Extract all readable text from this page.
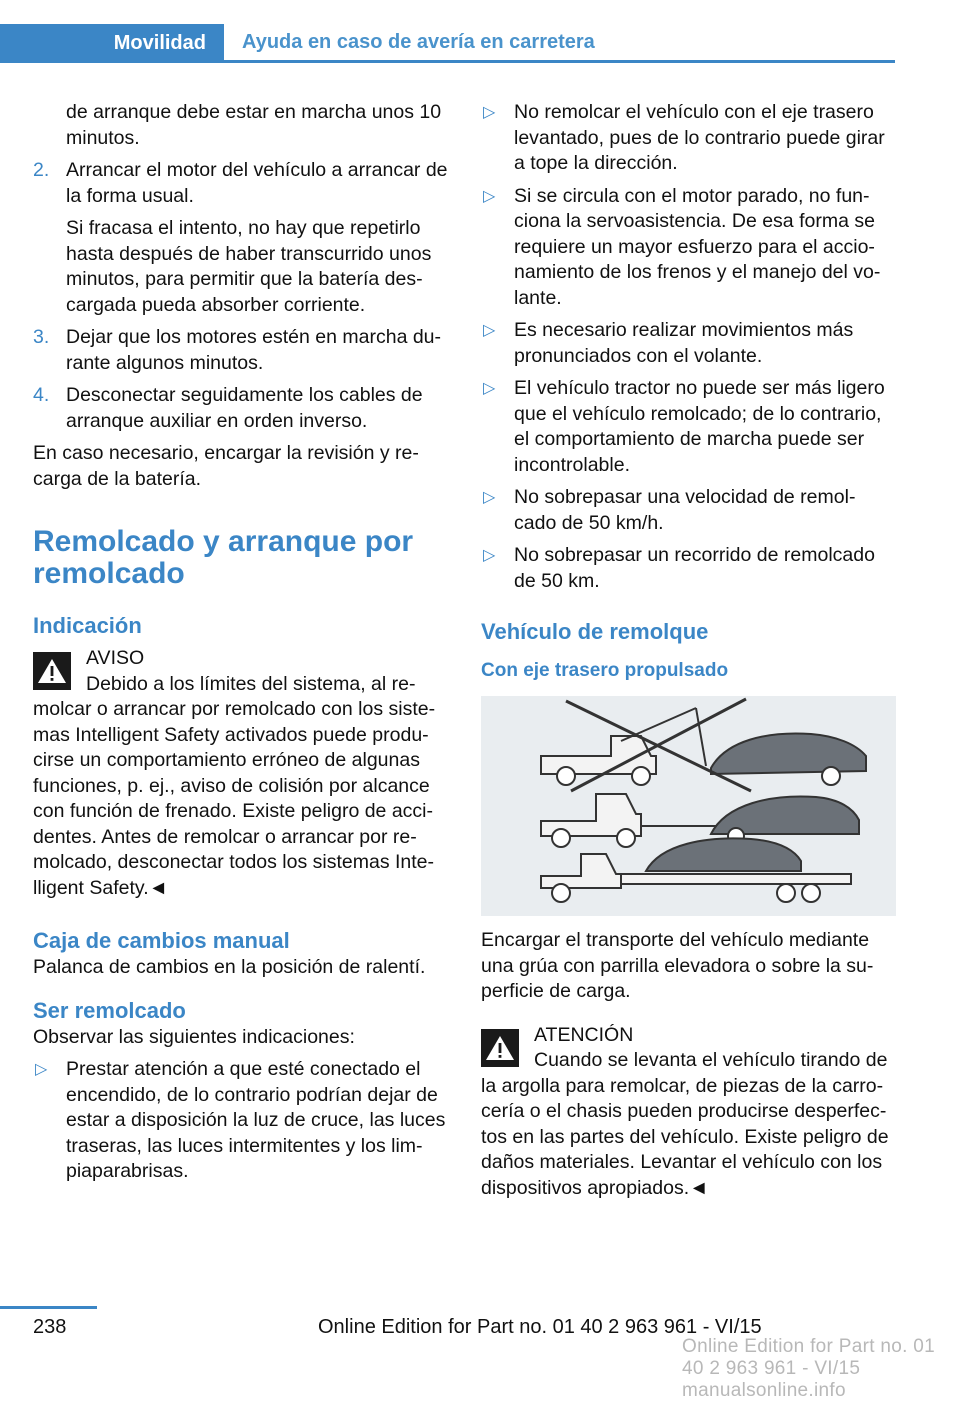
Movilidad Ayuda en caso de avería en carretera

de arranque debe estar en marcha unos 10 minutos.

2. Arrancar el motor del vehículo a arrancar de la forma usual.

Si fracasa el intento, no hay que repetirlo hasta después de haber transcurrido unos minutos, para permitir que la batería des-cargada pueda absorber corriente.

3. Dejar que los motores estén en marcha du-rante algunos minutos.

4. Desconectar seguidamente los cables de arranque auxiliar en orden inverso.

En caso necesario, encargar la revisión y re-carga de la batería.

Remolcado y arranque por remolcado
Indicación

AVISO

Debido a los límites del sistema, al re-

molcar o arrancar por remolcado con los siste-mas Intelligent Safety activados puede produ-cirse un comportamiento erróneo de algunas funciones, p. ej., aviso de colisión por alcance con función de frenado. Existe peligro de acci-dentes. Antes de remolcar o arrancar por re-molcado, desconectar todos los sistemas Inte-lligent Safety.◄

Caja de cambios manual

Palanca de cambios en la posición de ralentí.

Ser remolcado

Observar las siguientes indicaciones:

▷ Prestar atención a que esté conectado el encendido, de lo contrario podrían dejar de estar a disposición la luz de cruce, las luces traseras, las luces intermitentes y los lim-piaparabrisas.

▷ No remolcar el vehículo con el eje trasero levantado, pues de lo contrario puede girar a tope la dirección.

▷ Si se circula con el motor parado, no fun-ciona la servoasistencia. De esa forma se requiere un mayor esfuerzo para el accio-namiento de los frenos y el manejo del vo-lante.

▷ Es necesario realizar movimientos más pronunciados con el volante.

▷ El vehículo tractor no puede ser más ligero que el vehículo remolcado; de lo contrario, el comportamiento de marcha puede ser incontrolable.

▷ No sobrepasar una velocidad de remol-cado de 50 km/h.

▷ No sobrepasar un recorrido de remolcado de 50 km.

Vehículo de remolque
Con eje trasero propulsado

Encargar el transporte del vehículo mediante una grúa con parrilla elevadora o sobre la su-perficie de carga.

ATENCIÓN

Cuando se levanta el vehículo tirando de

la argolla para remolcar, de piezas de la carro-cería o el chasis pueden producirse desperfec-tos en las partes del vehículo. Existe peligro de daños materiales. Levantar el vehículo con los dispositivos apropiados.◄

238	Online Edition for Part no. 01 40 2 963 961 - VI/15
Online Edition for Part no. 01 40 2 963 961 - VI/15 manualsonline.info
